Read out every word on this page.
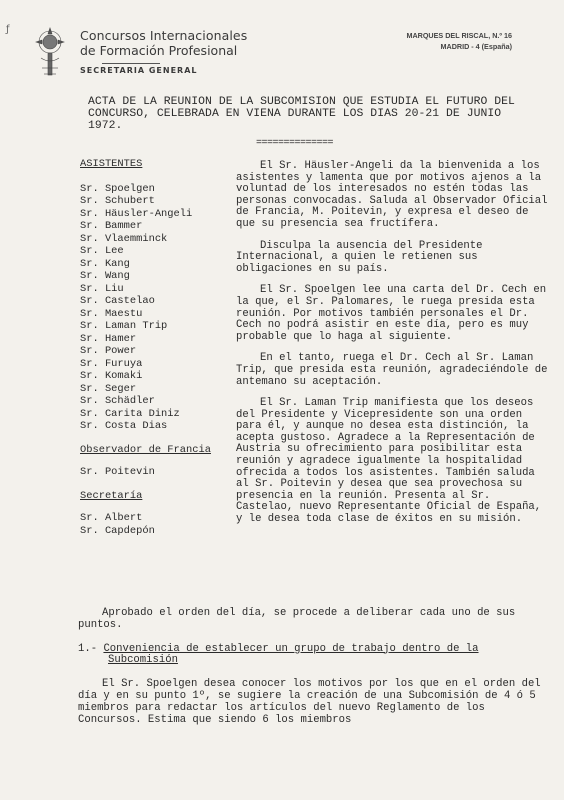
ƒ	Concursos Internacionales
de Formación Profesional
SECRETARIA GENERAL
MARQUES DEL RISCAL, N.º 16
MADRID - 4 (España)
ACTA DE LA REUNION DE LA SUBCOMISION QUE ESTUDIA EL FUTURO DEL
CONCURSO, CELEBRADA EN VIENA DURANTE LOS DIAS 20-21 DE JUNIO 1972.
==============
ASISTENTES
Sr. Spoelgen
Sr. Schubert
Sr. Häusler-Angeli
Sr. Bammer
Sr. Vlaemminck
Sr. Lee
Sr. Kang
Sr. Wang
Sr. Liu
Sr. Castelao
Sr. Maestu
Sr. Laman Trip
Sr. Hamer
Sr. Power
Sr. Furuya
Sr. Komaki
Sr. Seger
Sr. Schädler
Sr. Carita Diniz
Sr. Costa Dias
Observador de Francia
Sr. Poitevin
Secretaría
Sr. Albert
Sr. Capdepón

El Sr. Häusler-Angeli da la bienvenida a los asistentes y lamenta que por motivos ajenos a la voluntad de los interesados no estén todas las personas convocadas. Saluda al Observador Oficial de Francia, M. Poitevin, y expresa el deseo de que su presencia sea fructífera.

Disculpa la ausencia del Presidente Internacional, a quien le retienen sus obligaciones en su país.

El Sr. Spoelgen lee una carta del Dr. Cech en la que, el Sr. Palomares, le ruega presida esta reunión. Por motivos también personales el Dr. Cech no podrá asistir en este día, pero es muy probable que lo haga al siguiente.

En el tanto, ruega el Dr. Cech al Sr. Laman Trip, que presida esta reunión, agradeciéndole de antemano su aceptación.

El Sr. Laman Trip manifiesta que los deseos del Presidente y Vicepresidente son una orden para él, y aunque no desea esta distinción, la acepta gustoso. Agradece a la Representación de Austria su ofrecimiento para posibilitar esta reunión y agradece igualmente la hospitalidad ofrecida a todos los asistentes. También saluda al Sr. Poitevin y desea que sea provechosa su presencia en la reunión. Presenta al Sr. Castelao, nuevo Representante Oficial de España, y le desea toda clase de éxitos en su misión.

Aprobado el orden del día, se procede a deliberar cada uno de sus puntos.

1.- Conveniencia de establecer un grupo de trabajo dentro de la
Subcomisión

El Sr. Spoelgen desea conocer los motivos por los que en el orden del día y en su punto 1º, se sugiere la creación de una Subcomisión de 4 ó 5 miembros para redactar los artículos del nuevo Reglamento de los Concursos. Estima que siendo 6 los miembros
